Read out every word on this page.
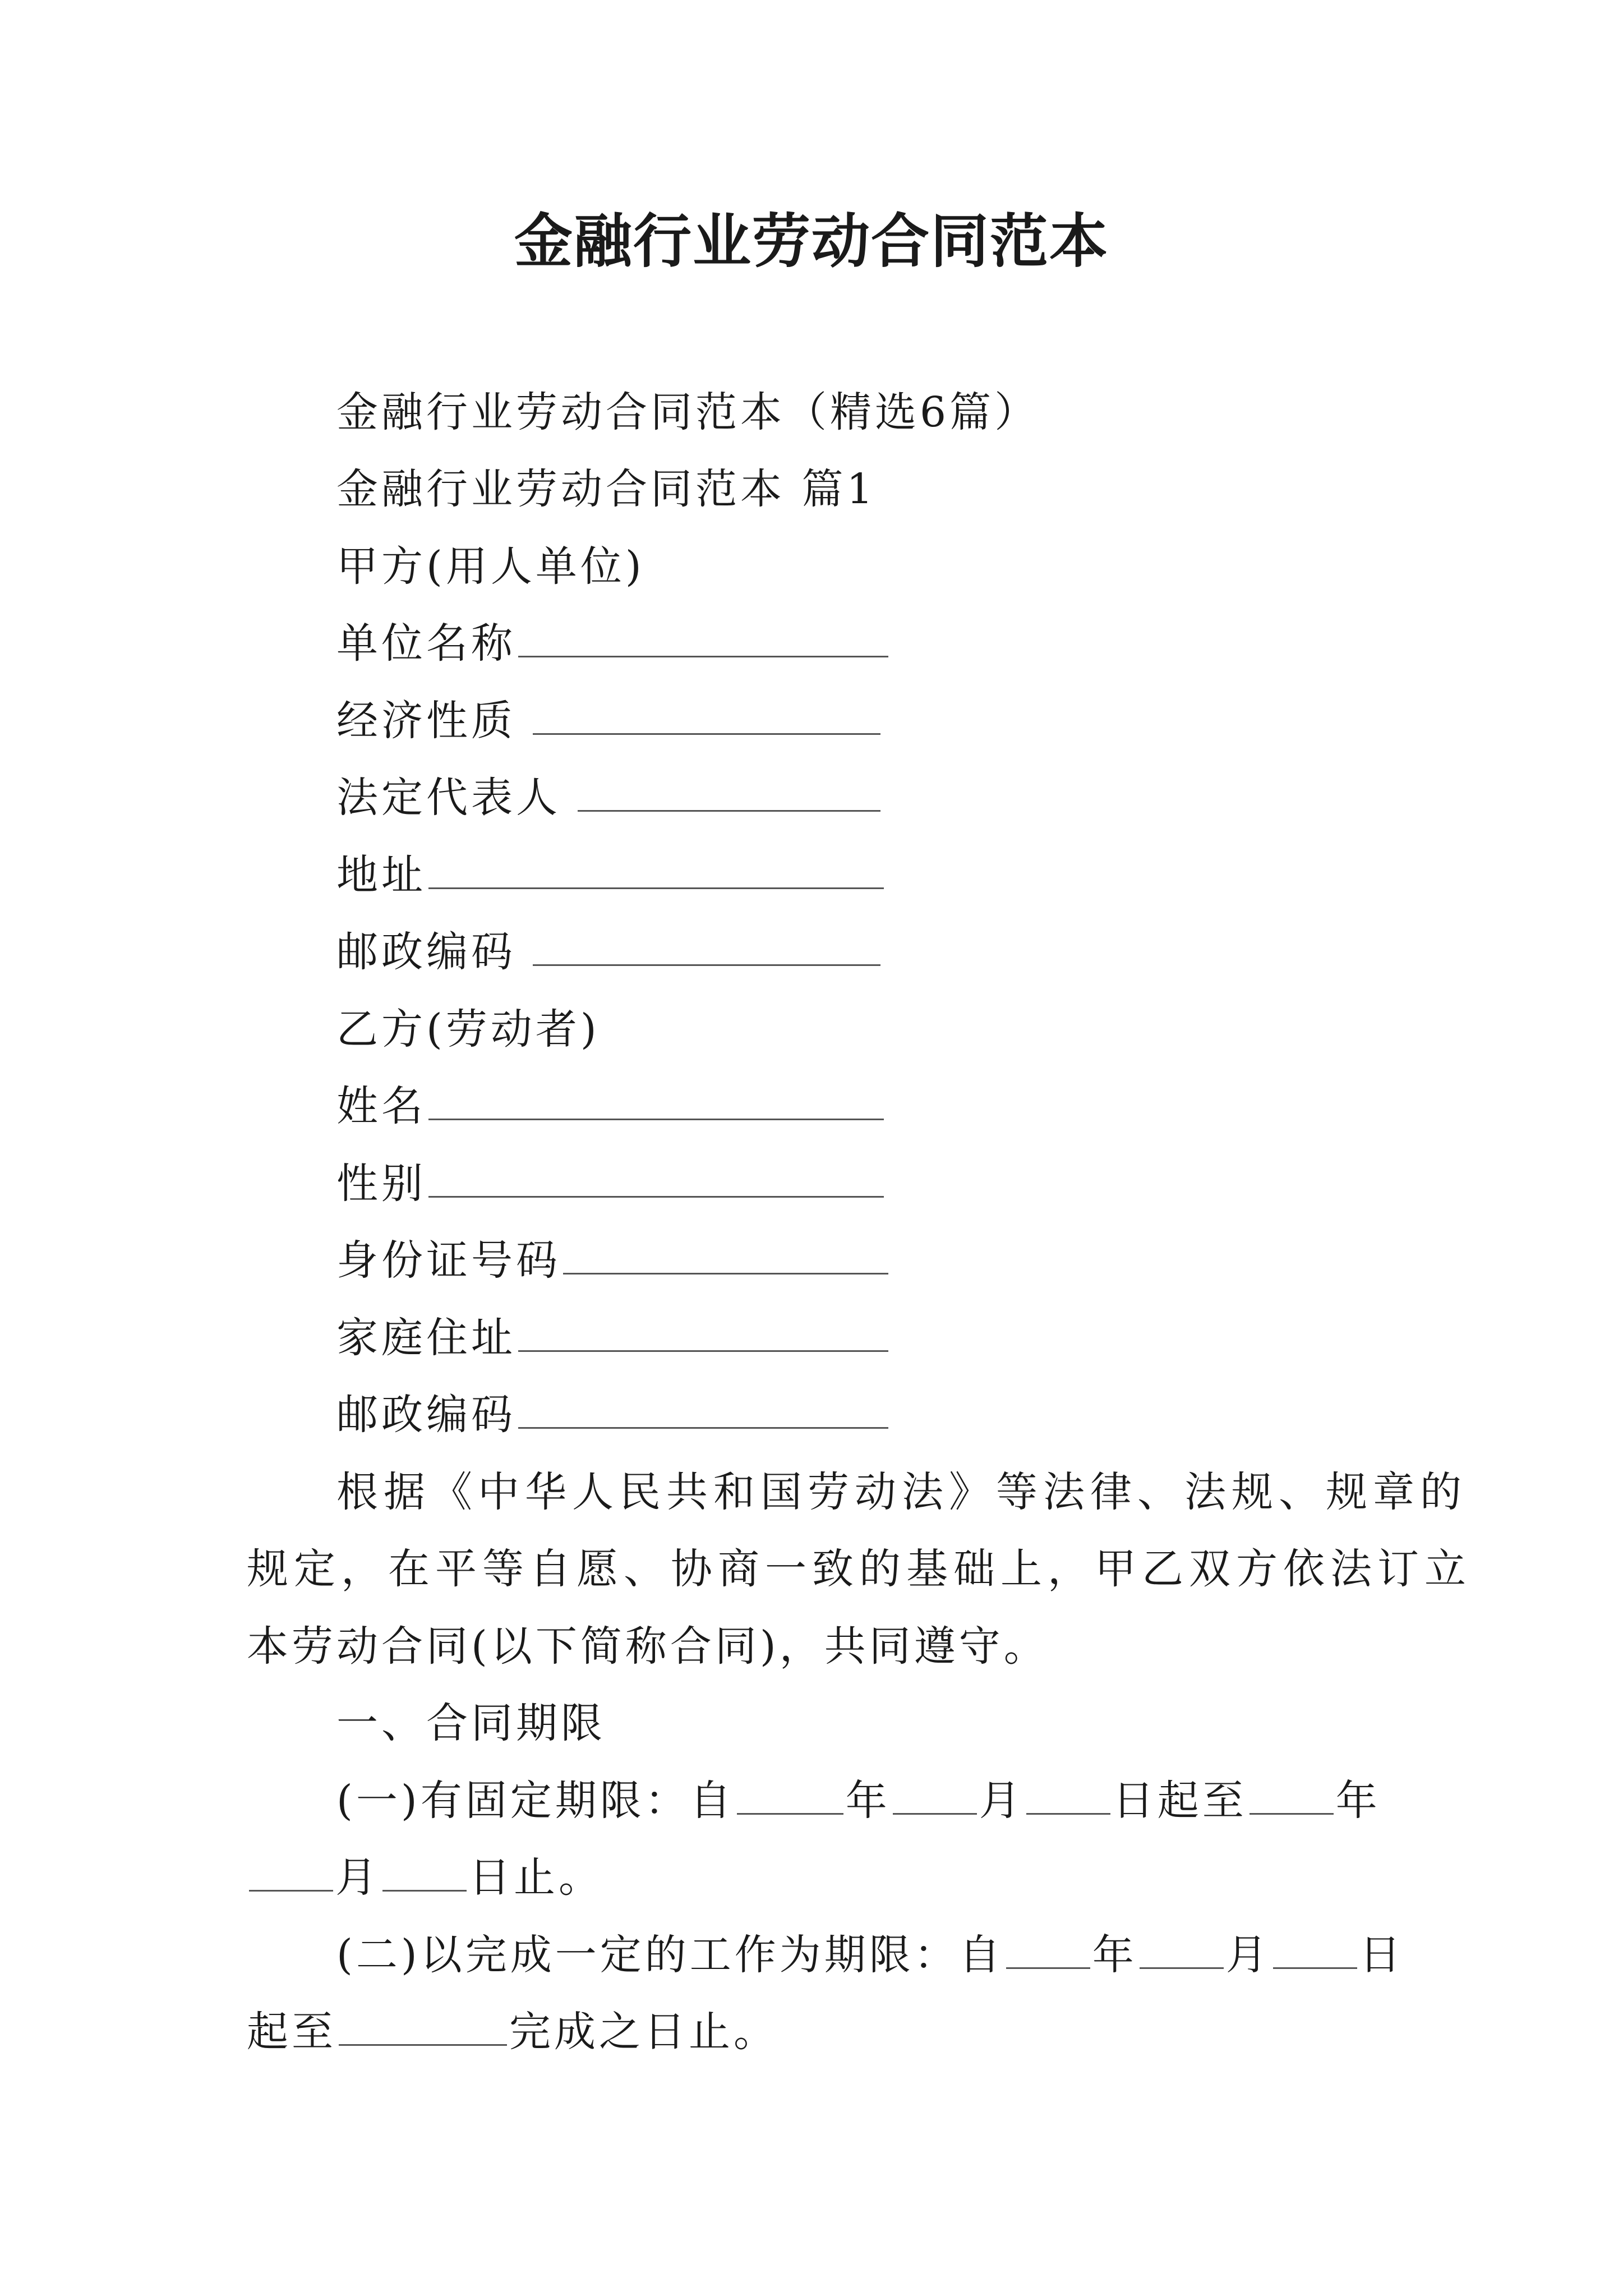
金融行业劳动合同范本
金融行业劳动合同范本（精选6篇）
金融行业劳动合同范本 篇1
甲方(用人单位)
单位名称
经济性质
法定代表人
地址
邮政编码
乙方(劳动者)
姓名
性别
身份证号码
家庭住址
邮政编码
根据《中华人民共和国劳动法》等法律、法规、规章的
规定，在平等自愿、协商一致的基础上，甲乙双方依法订立
本劳动合同(以下简称合同)，共同遵守。
一、合同期限
(一)有固定期限：自	年 月 日起至 年
月 日止。
(二)以完成一定的工作为期限：自 年 月 日
起至	完成之日止。
